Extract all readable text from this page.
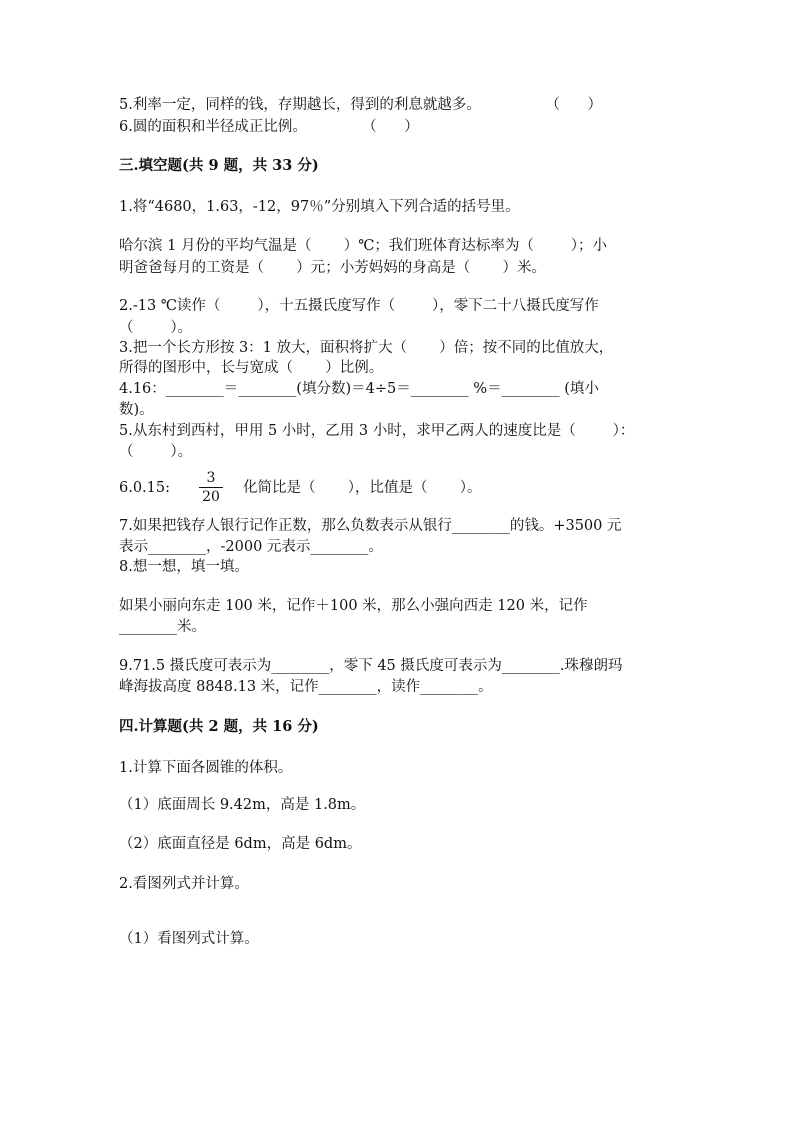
5.利率一定，同样的钱，存期越长，得到的利息就越多。              （      ）
6.圆的面积和半径成正比例。            （      ）
三.填空题(共 9 题，共 33 分)
1.将“4680，1.63，-12，97％”分别填入下列合适的括号里。
哈尔滨 1 月份的平均气温是（       ）℃；我们班体育达标率为（        ）；小
明爸爸每月的工资是（       ）元；小芳妈妈的身高是（       ）米。
2.-13 ℃读作（        ），十五摄氏度写作（        ），零下二十八摄氏度写作
（        ）。
3.把一个长方形按 3：1 放大，面积将扩大（       ）倍；按不同的比值放大，
所得的图形中，长与宽成（       ）比例。
4.16：________＝________(填分数)＝4÷5＝________ %＝________ (填小
数)。
5.从东村到西村，甲用 5 小时，乙用 3 小时，求甲乙两人的速度比是（        ）：
（        ）。
6.0.15:
3
20
化简比是（       ），比值是（       ）。
7.如果把钱存人银行记作正数，那么负数表示从银行________的钱。+3500 元
表示________，-2000 元表示________。
8.想一想，填一填。
如果小丽向东走 100 米，记作＋100 米，那么小强向西走 120 米，记作
________米。
9.71.5 摄氏度可表示为________，零下 45 摄氏度可表示为________.珠穆朗玛
峰海拔高度 8848.13 米，记作________，读作________。
四.计算题(共 2 题，共 16 分)
1.计算下面各圆锥的体积。
（1）底面周长 9.42m，高是 1.8m。
（2）底面直径是 6dm，高是 6dm。
2.看图列式并计算。
（1）看图列式计算。
